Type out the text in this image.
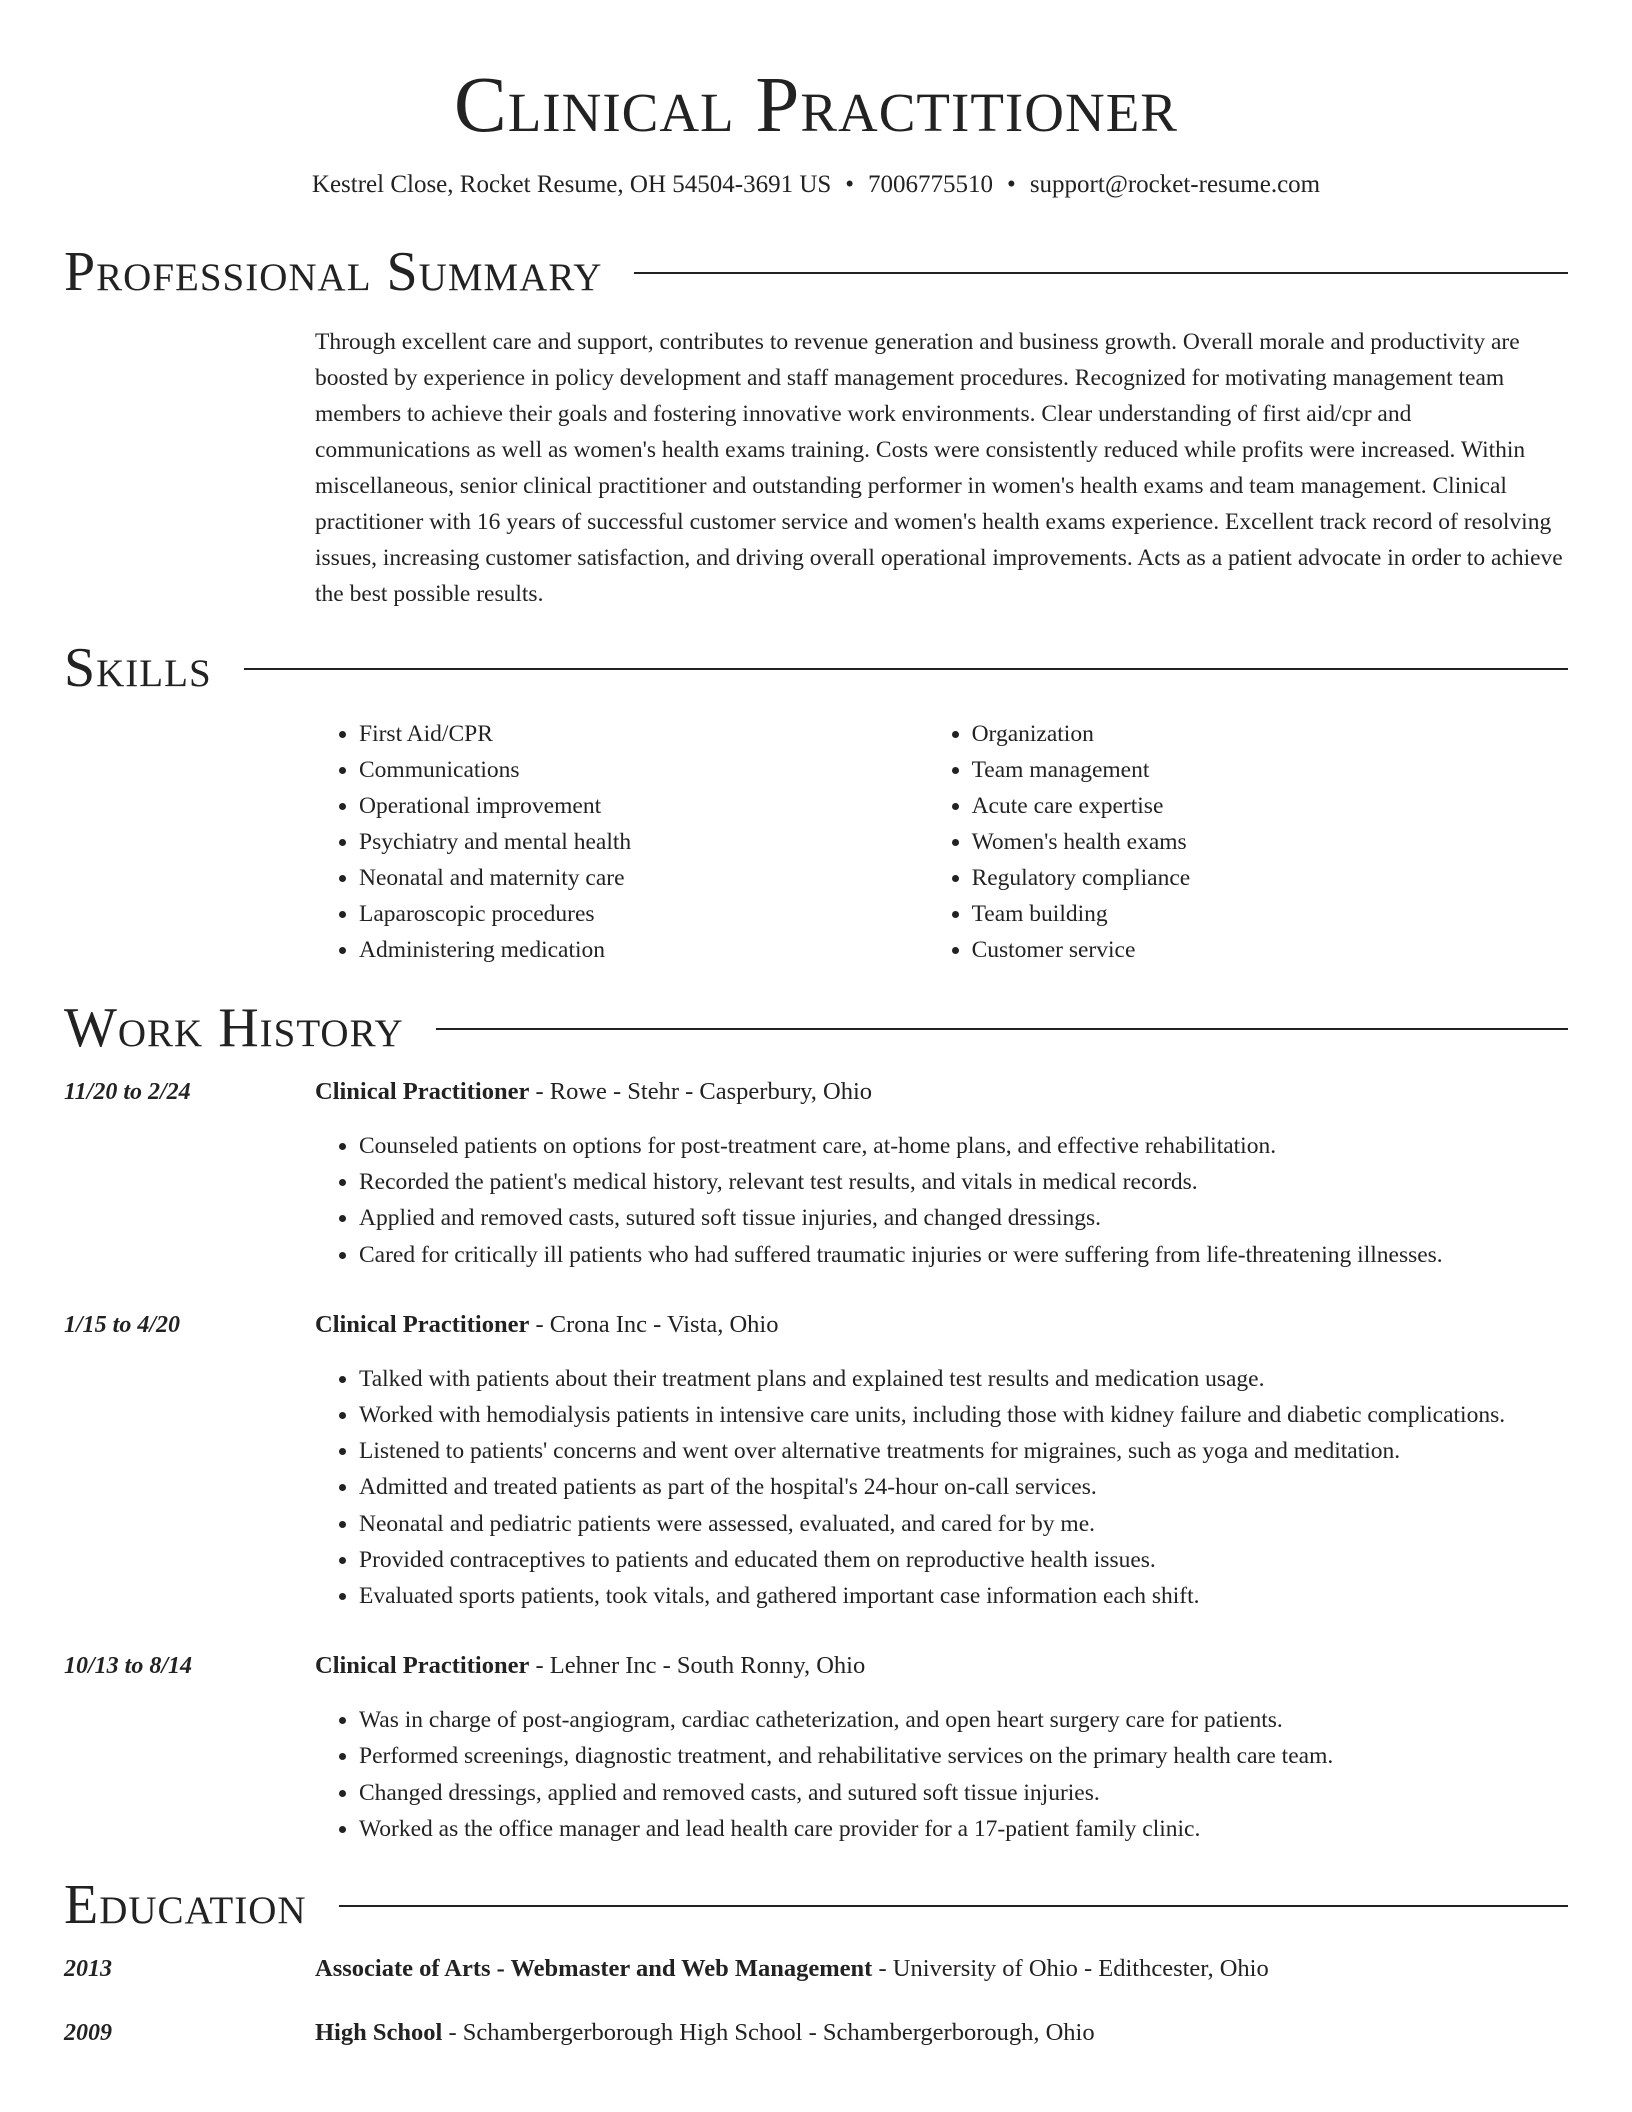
Clinical Practitioner
Kestrel Close, Rocket Resume, OH 54504-3691 US • 7006775510 • support@rocket-resume.com
Professional Summary
Through excellent care and support, contributes to revenue generation and business growth. Overall morale and productivity are boosted by experience in policy development and staff management procedures. Recognized for motivating management team members to achieve their goals and fostering innovative work environments. Clear understanding of first aid/cpr and communications as well as women's health exams training. Costs were consistently reduced while profits were increased. Within miscellaneous, senior clinical practitioner and outstanding performer in women's health exams and team management. Clinical practitioner with 16 years of successful customer service and women's health exams experience. Excellent track record of resolving issues, increasing customer satisfaction, and driving overall operational improvements. Acts as a patient advocate in order to achieve the best possible results.
Skills
• First Aid/CPR
• Communications
• Operational improvement
• Psychiatry and mental health
• Neonatal and maternity care
• Laparoscopic procedures
• Administering medication
• Organization
• Team management
• Acute care expertise
• Women's health exams
• Regulatory compliance
• Team building
• Customer service
Work History
11/20 to 2/24	Clinical Practitioner - Rowe - Stehr - Casperbury, Ohio
• Counseled patients on options for post-treatment care, at-home plans, and effective rehabilitation.
• Recorded the patient's medical history, relevant test results, and vitals in medical records.
• Applied and removed casts, sutured soft tissue injuries, and changed dressings.
• Cared for critically ill patients who had suffered traumatic injuries or were suffering from life-threatening illnesses.
1/15 to 4/20	Clinical Practitioner - Crona Inc - Vista, Ohio
• Talked with patients about their treatment plans and explained test results and medication usage.
• Worked with hemodialysis patients in intensive care units, including those with kidney failure and diabetic complications.
• Listened to patients' concerns and went over alternative treatments for migraines, such as yoga and meditation.
• Admitted and treated patients as part of the hospital's 24-hour on-call services.
• Neonatal and pediatric patients were assessed, evaluated, and cared for by me.
• Provided contraceptives to patients and educated them on reproductive health issues.
• Evaluated sports patients, took vitals, and gathered important case information each shift.
10/13 to 8/14	Clinical Practitioner - Lehner Inc - South Ronny, Ohio
• Was in charge of post-angiogram, cardiac catheterization, and open heart surgery care for patients.
• Performed screenings, diagnostic treatment, and rehabilitative services on the primary health care team.
• Changed dressings, applied and removed casts, and sutured soft tissue injuries.
• Worked as the office manager and lead health care provider for a 17-patient family clinic.
Education
2013	Associate of Arts - Webmaster and Web Management - University of Ohio - Edithcester, Ohio
2009	High School - Schambergerborough High School - Schambergerborough, Ohio
